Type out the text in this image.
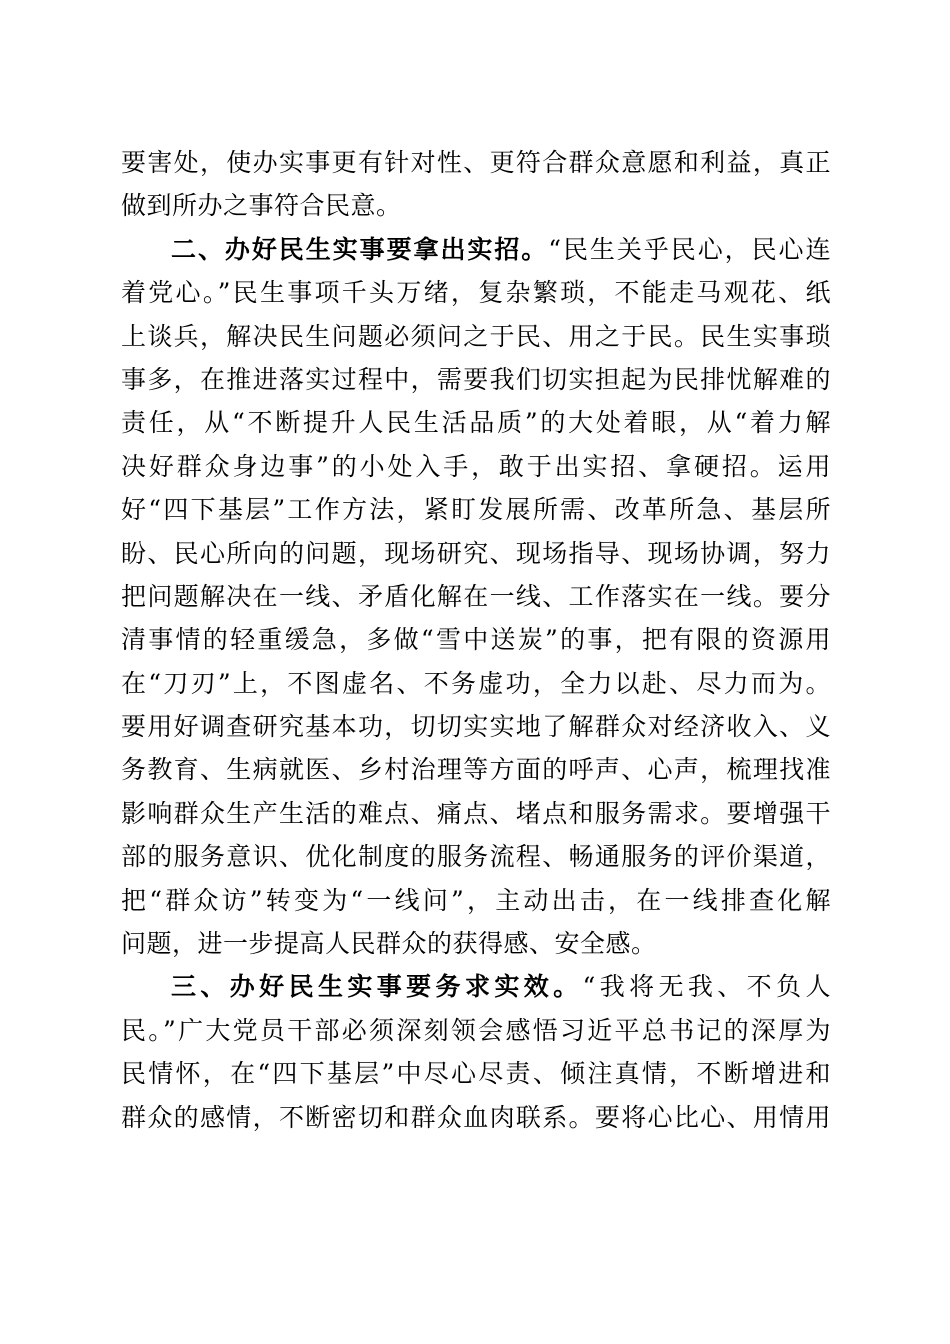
要害处，使办实事更有针对性、更符合群众意愿和利益，真正
做到所办之事符合民意。
二、办好民生实事要拿出实招。“民生关乎民心，民心连
着党心。”民生事项千头万绪，复杂繁琐，不能走马观花、纸
上谈兵，解决民生问题必须问之于民、用之于民。民生实事琐
事多，在推进落实过程中，需要我们切实担起为民排忧解难的
责任，从“不断提升人民生活品质”的大处着眼，从“着力解
决好群众身边事”的小处入手，敢于出实招、拿硬招。运用
好“四下基层”工作方法，紧盯发展所需、改革所急、基层所
盼、民心所向的问题，现场研究、现场指导、现场协调，努力
把问题解决在一线、矛盾化解在一线、工作落实在一线。要分
清事情的轻重缓急，多做“雪中送炭”的事，把有限的资源用
在“刀刃”上，不图虚名、不务虚功，全力以赴、尽力而为。
要用好调查研究基本功，切切实实地了解群众对经济收入、义
务教育、生病就医、乡村治理等方面的呼声、心声，梳理找准
影响群众生产生活的难点、痛点、堵点和服务需求。要增强干
部的服务意识、优化制度的服务流程、畅通服务的评价渠道，
把“群众访”转变为“一线问”，主动出击，在一线排查化解
问题，进一步提高人民群众的获得感、安全感。
三、办好民生实事要务求实效。“我将无我、不负人
民。”广大党员干部必须深刻领会感悟习近平总书记的深厚为
民情怀，在“四下基层”中尽心尽责、倾注真情，不断增进和
群众的感情，不断密切和群众血肉联系。要将心比心、用情用
